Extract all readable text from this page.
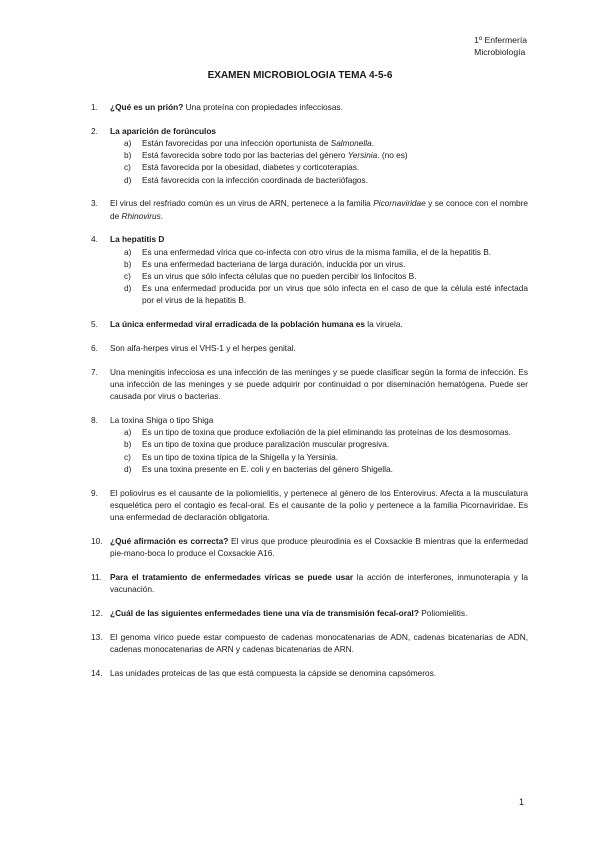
1º Enfermería
Microbiología
EXAMEN MICROBIOLOGIA TEMA 4-5-6
1. ¿Qué es un prión? Una proteína con propiedades infecciosas.
2. La aparición de forúnculos
a) Están favorecidas por una infección oportunista de Salmonella.
b) Está favorecida sobre todo por las bacterias del género Yersinia. (no es)
c) Está favorecida por la obesidad, diabetes y corticoterapias.
d) Está favorecida con la infección coordinada de bacteriófagos.
3. El virus del resfriado común es un virus de ARN, pertenece a la familia Picornaviridae y se conoce con el nombre de Rhinovirus.
4. La hepatitis D
a) Es una enfermedad vírica que co-infecta con otro virus de la misma familia, el de la hepatitis B.
b) Es una enfermedad bacteriana de larga duración, inducida por un virus.
c) Es un virus que sólo infecta células que no pueden percibir los linfocitos B.
d) Es una enfermedad producida por un virus que sólo infecta en el caso de que la célula esté infectada por el virus de la hepatitis B.
5. La única enfermedad viral erradicada de la población humana es la viruela.
6. Son alfa-herpes virus el VHS-1 y el herpes genital.
7. Una meningitis infecciosa es una infección de las meninges y se puede clasificar según la forma de infección. Es una infección de las meninges y se puede adquirir por continuidad o por diseminación hematógena. Puede ser causada por virus o bacterias.
8. La toxina Shiga o tipo Shiga
a) Es un tipo de toxina que produce exfoliación de la piel eliminando las proteínas de los desmosomas.
b) Es un tipo de toxina que produce paralización muscular progresiva.
c) Es un tipo de toxina típica de la Shigella y la Yersinia.
d) Es una toxina presente en E. coli y en bacterias del género Shigella.
9. El poliovirus es el causante de la poliomielitis, y pertenece al género de los Enterovirus. Afecta a la musculatura esquelética pero el contagio es fecal-oral. Es el causante de la polio y pertenece a la familia Picornaviridae. Es una enfermedad de declaración obligatoria.
10. ¿Qué afirmación es correcta? El virus que produce pleurodinia es el Coxsackie B mientras que la enfermedad pie-mano-boca lo produce el Coxsackie A16.
11. Para el tratamiento de enfermedades víricas se puede usar la acción de interferones, inmunoterapia y la vacunación.
12. ¿Cuál de las siguientes enfermedades tiene una vía de transmisión fecal-oral? Poliomielitis.
13. El genoma vírico puede estar compuesto de cadenas monocatenarias de ADN, cadenas bicatenarias de ADN, cadenas monocatenarias de ARN y cadenas bicatenarias de ARN.
14. Las unidades proteicas de las que está compuesta la cápside se denomina capsómeros.
1
